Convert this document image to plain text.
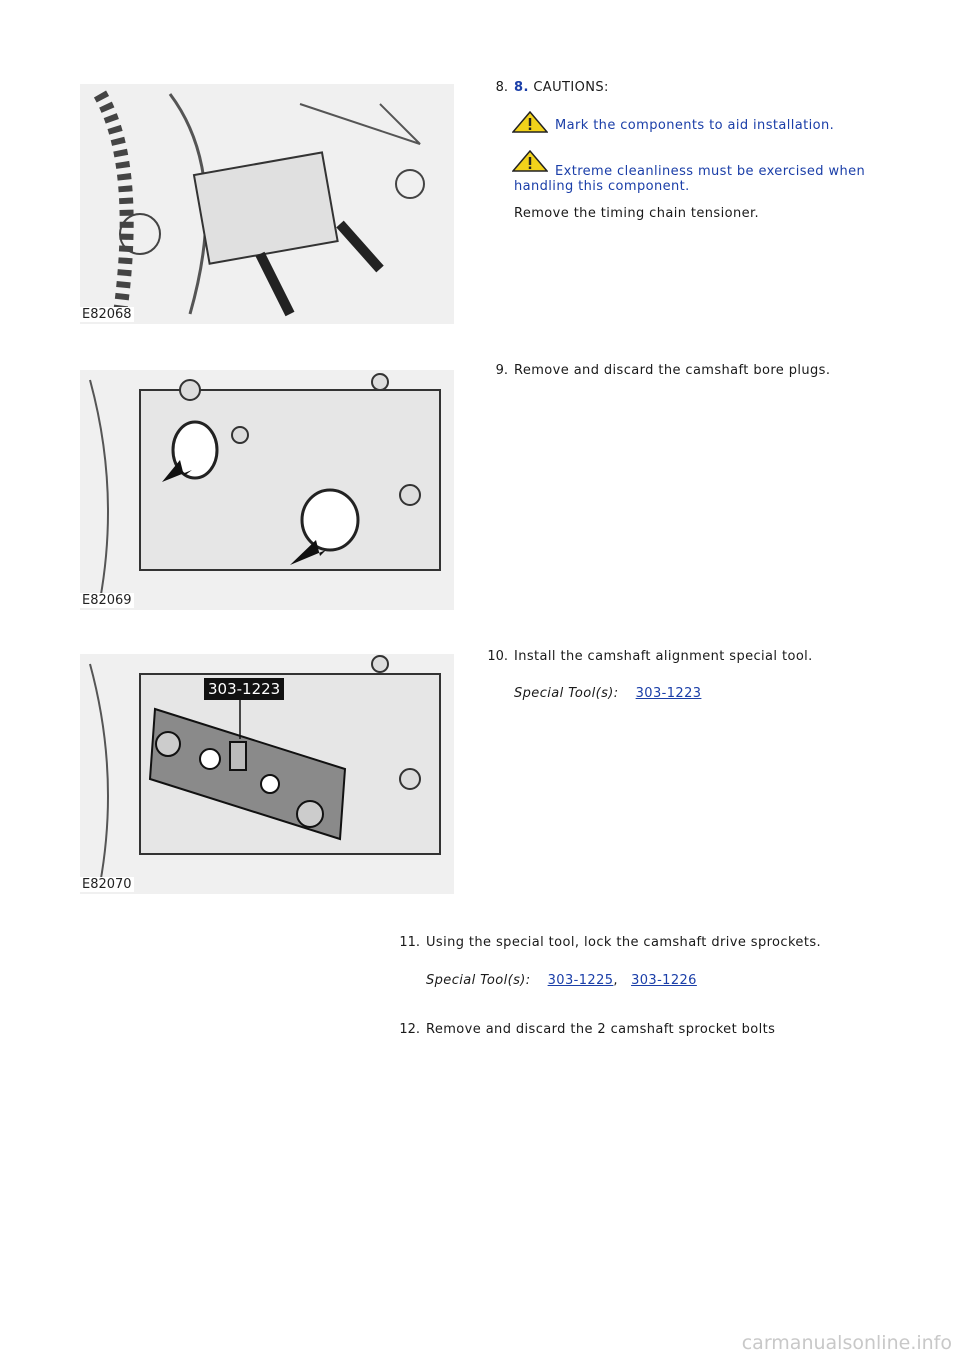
E82068
8. 8. CAUTIONS:
Mark the components to aid installation.
Extreme cleanliness must be exercised when
handling this component.
Remove the timing chain tensioner.
E82069
9. Remove and discard the camshaft bore plugs.
303-1223
E82070
10. Install the camshaft alignment special tool.
Special Tool(s): 303-1223
11. Using the special tool, lock the camshaft drive sprockets.
Special Tool(s): 303-1225, 303-1226
12. Remove and discard the 2 camshaft sprocket bolts
carmanualsonline.info
